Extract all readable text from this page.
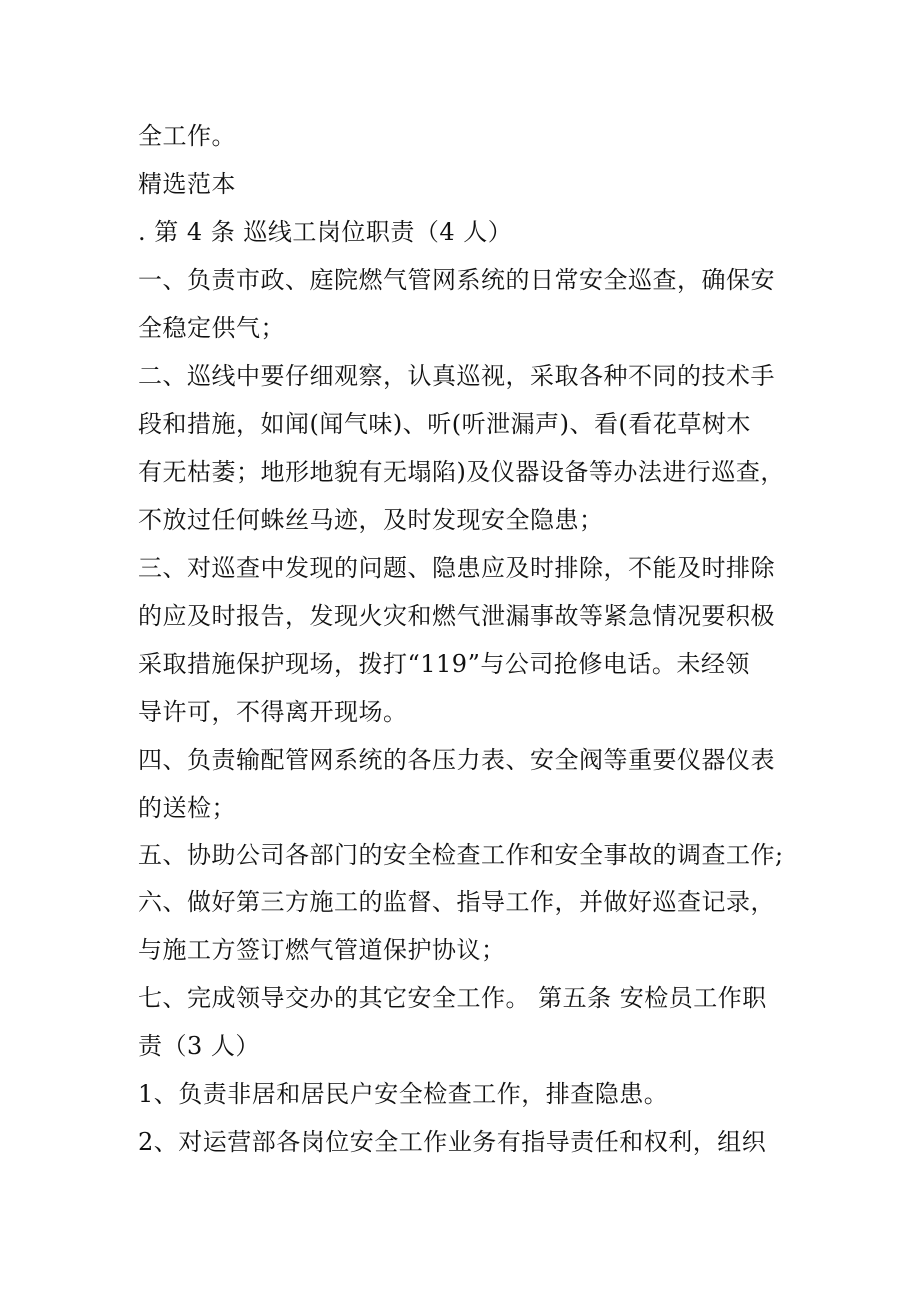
全工作。
精选范本
. 第 4 条 巡线工岗位职责（4 人）
一、负责市政、庭院燃气管网系统的日常安全巡查，确保安
全稳定供气；
二、巡线中要仔细观察，认真巡视，采取各种不同的技术手
段和措施，如闻(闻气味)、听(听泄漏声)、看(看花草树木
有无枯萎；地形地貌有无塌陷)及仪器设备等办法进行巡查，
不放过任何蛛丝马迹，及时发现安全隐患；
三、对巡查中发现的问题、隐患应及时排除，不能及时排除
的应及时报告，发现火灾和燃气泄漏事故等紧急情况要积极
采取措施保护现场，拨打“119”与公司抢修电话。未经领
导许可，不得离开现场。
四、负责输配管网系统的各压力表、安全阀等重要仪器仪表
的送检；
五、协助公司各部门的安全检查工作和安全事故的调查工作;
六、做好第三方施工的监督、指导工作，并做好巡查记录，
与施工方签订燃气管道保护协议；
七、完成领导交办的其它安全工作。 第五条 安检员工作职
责（3 人）
1、负责非居和居民户安全检查工作，排查隐患。
2、对运营部各岗位安全工作业务有指导责任和权利，组织
